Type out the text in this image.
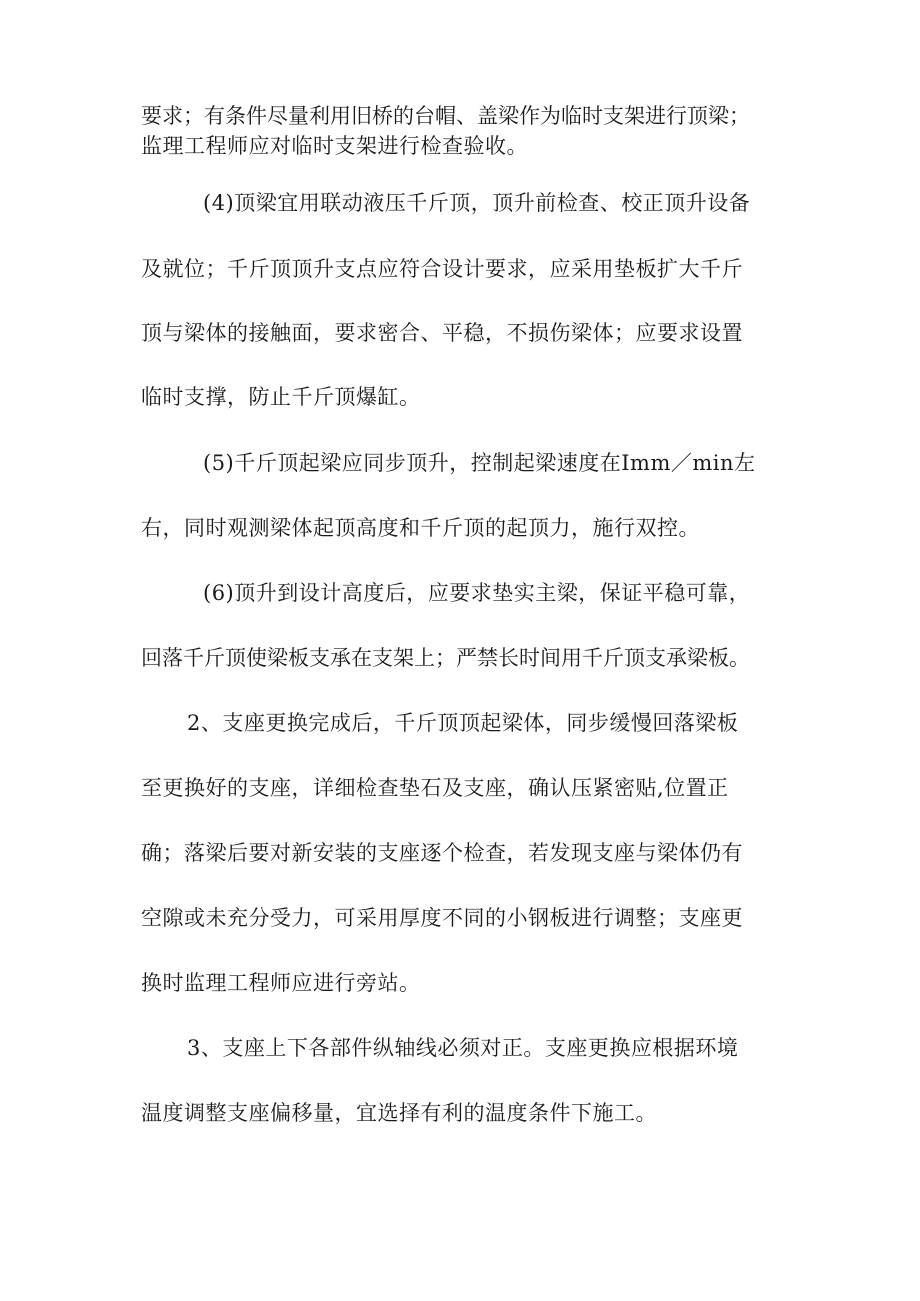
要求；有条件尽量利用旧桥的台帽、盖梁作为临时支架进行顶梁；
监理工程师应对临时支架进行检查验收。
(4)顶梁宜用联动液压千斤顶，顶升前检查、校正顶升设备
及就位；千斤顶顶升支点应符合设计要求，应采用垫板扩大千斤
顶与梁体的接触面，要求密合、平稳，不损伤梁体；应要求设置
临时支撑，防止千斤顶爆缸。
(5)千斤顶起梁应同步顶升，控制起梁速度在Imm／min左
右，同时观测梁体起顶高度和千斤顶的起顶力，施行双控。
(6)顶升到设计高度后，应要求垫实主梁，保证平稳可靠，
回落千斤顶使梁板支承在支架上；严禁长时间用千斤顶支承梁板。
2、支座更换完成后，千斤顶顶起梁体，同步缓慢回落梁板
至更换好的支座，详细检查垫石及支座，确认压紧密贴,位置正
确；落梁后要对新安装的支座逐个检查，若发现支座与梁体仍有
空隙或未充分受力，可采用厚度不同的小钢板进行调整；支座更
换时监理工程师应进行旁站。
3、支座上下各部件纵轴线必须对正。支座更换应根据环境
温度调整支座偏移量，宜选择有利的温度条件下施工。
